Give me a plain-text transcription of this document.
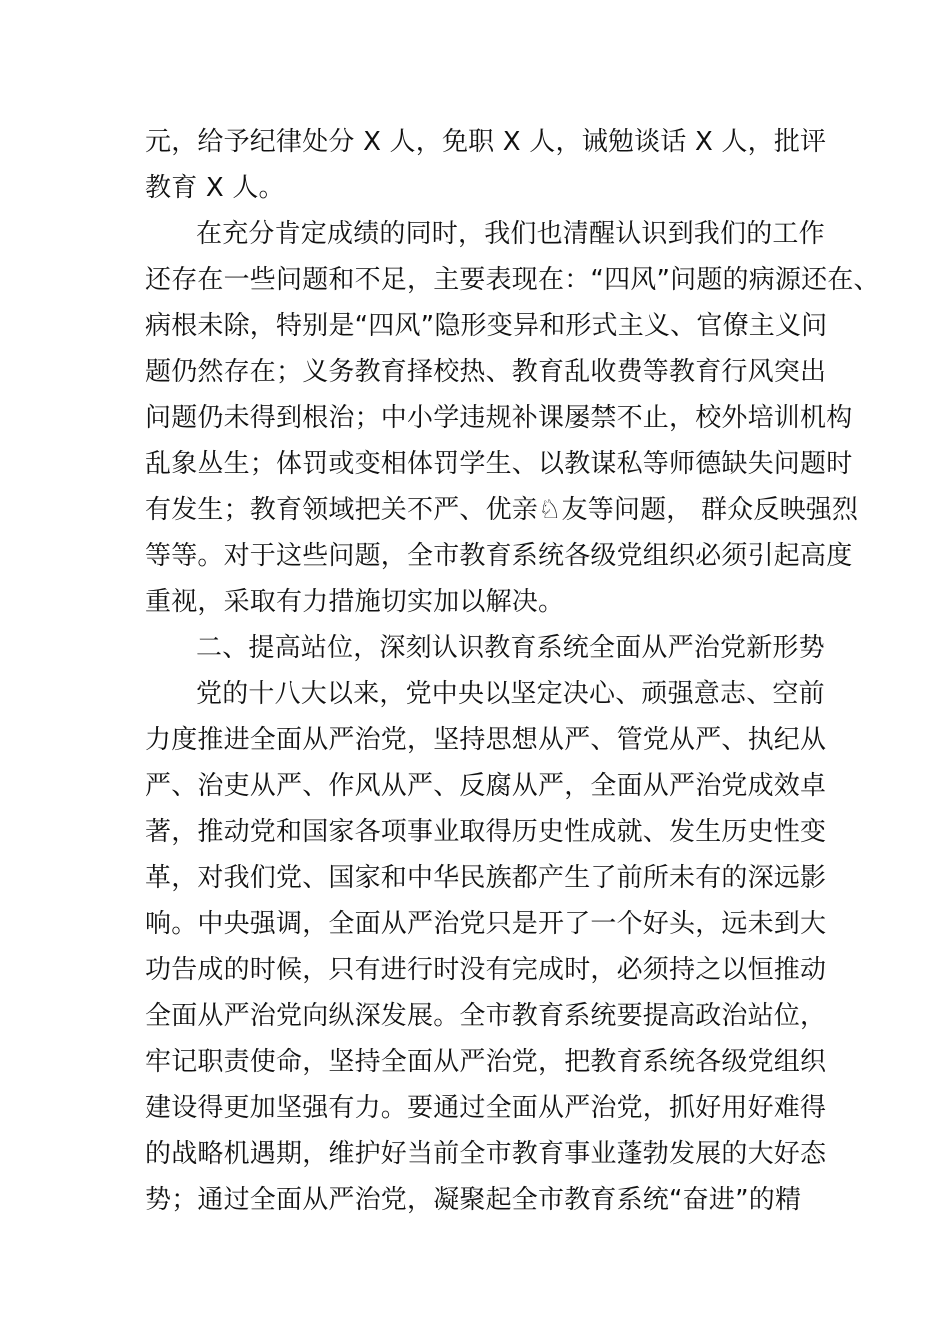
元，给予纪律处分 X 人，免职 X 人，诫勉谈话 X 人，批评
教育 X 人。
在充分肯定成绩的同时，我们也清醒认识到我们的工作
还存在一些问题和不足，主要表现在：“四风”问题的病源还在、
病根未除，特别是“四风”隐形变异和形式主义、官僚主义问
题仍然存在；义务教育择校热、教育乱收费等教育行风突出
问题仍未得到根治；中小学违规补课屡禁不止，校外培训机构
乱象丛生；体罚或变相体罚学生、以教谋私等师德缺失问题时
有发生；教育领域把关不严、优亲♘友等问题， 群众反映强烈
等等。对于这些问题，全市教育系统各级党组织必须引起高度
重视，采取有力措施切实加以解决。
二、提高站位，深刻认识教育系统全面从严治党新形势
党的十八大以来，党中央以坚定决心、顽强意志、空前
力度推进全面从严治党，坚持思想从严、管党从严、执纪从
严、治吏从严、作风从严、反腐从严，全面从严治党成效卓
著，推动党和国家各项事业取得历史性成就、发生历史性变
革，对我们党、国家和中华民族都产生了前所未有的深远影
响。中央强调，全面从严治党只是开了一个好头，远未到大
功告成的时候，只有进行时没有完成时，必须持之以恒推动
全面从严治党向纵深发展。全市教育系统要提高政治站位，
牢记职责使命，坚持全面从严治党，把教育系统各级党组织
建设得更加坚强有力。要通过全面从严治党，抓好用好难得
的战略机遇期，维护好当前全市教育事业蓬勃发展的大好态
势；通过全面从严治党，凝聚起全市教育系统“奋进”的精
